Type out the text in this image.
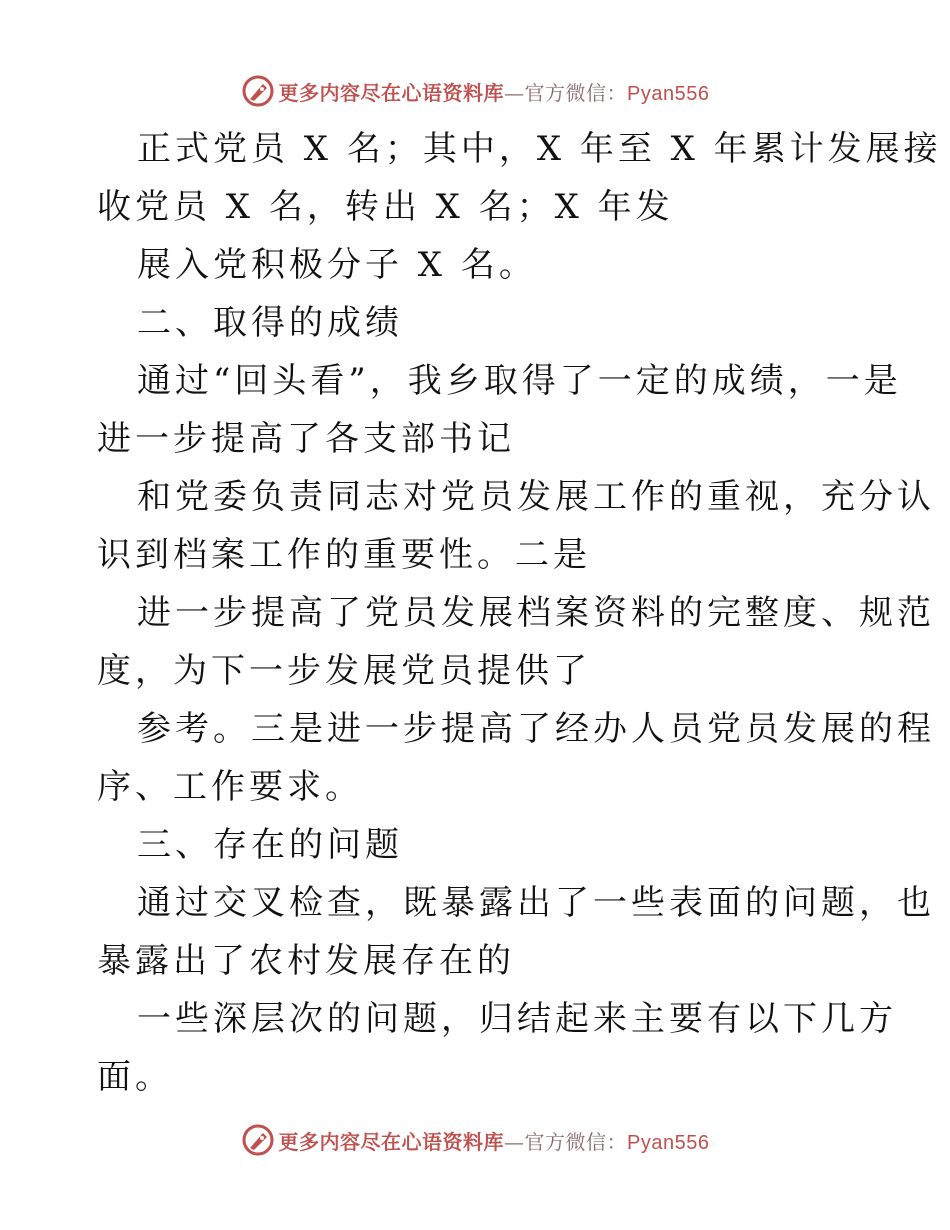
更多内容尽在心语资料库—官方微信：Pyan556
正式党员 X 名；其中，X 年至 X 年累计发展接
收党员 X 名，转出 X 名；X 年发
展入党积极分子 X 名。
二、取得的成绩
通过“回头看”，我乡取得了一定的成绩，一是
进一步提高了各支部书记
和党委负责同志对党员发展工作的重视，充分认
识到档案工作的重要性。二是
进一步提高了党员发展档案资料的完整度、规范
度，为下一步发展党员提供了
参考。三是进一步提高了经办人员党员发展的程
序、工作要求。
三、存在的问题
通过交叉检查，既暴露出了一些表面的问题，也
暴露出了农村发展存在的
一些深层次的问题，归结起来主要有以下几方
面。
更多内容尽在心语资料库—官方微信：Pyan556
